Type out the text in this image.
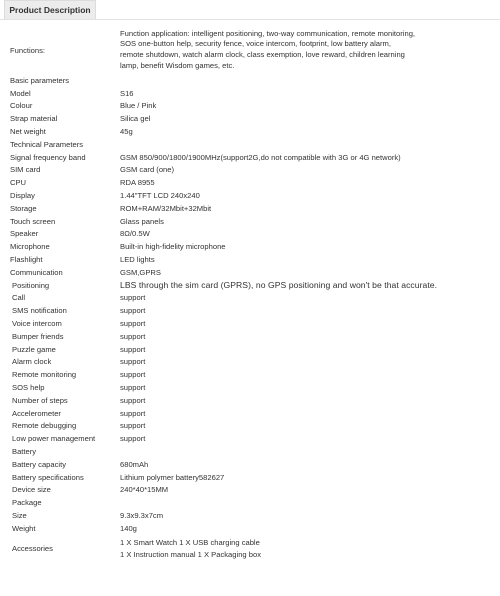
Product Description
Functions:	Function application: intelligent positioning, two-way communication, remote monitoring,
SOS one-button help, security fence, voice intercom, footprint, low battery alarm,
remote shutdown, watch alarm clock, class exemption, love reward, children learning
lamp, benefit Wisdom games, etc.

Basic parameters	
Model	S16
Colour	Blue / Pink
Strap material	Silica gel
Net weight	45g
Technical Parameters	
Signal frequency band	GSM 850/900/1800/1900MHz(support2G,do not compatible with 3G or 4G network)
SIM card	GSM card (one)
CPU	RDA 8955
Display	1.44"TFT LCD 240x240
Storage	ROM+RAM/32Mbit+32Mbit
Touch screen	Glass panels
Speaker	8Ω/0.5W
Microphone	Built-in high-fidelity microphone
Flashlight	LED lights
Communication	GSM,GPRS
Positioning	LBS through the sim card (GPRS), no GPS positioning and won't be that accurate.
Call	support
SMS notification	support
Voice intercom	support
Bumper friends	support
Puzzle game	support
Alarm clock	support
Remote monitoring	support
SOS help	support
Number of steps	support
Accelerometer	support
Remote debugging	support
Low power management	support
Battery	
Battery capacity	680mAh
Battery specifications	Lithium polymer battery582627
Device size	240*40*15MM
Package	
Size	9.3x9.3x7cm
Weight	140g
Accessories	1 X Smart Watch 1 X USB charging cable
1 X Instruction manual 1 X Packaging box
